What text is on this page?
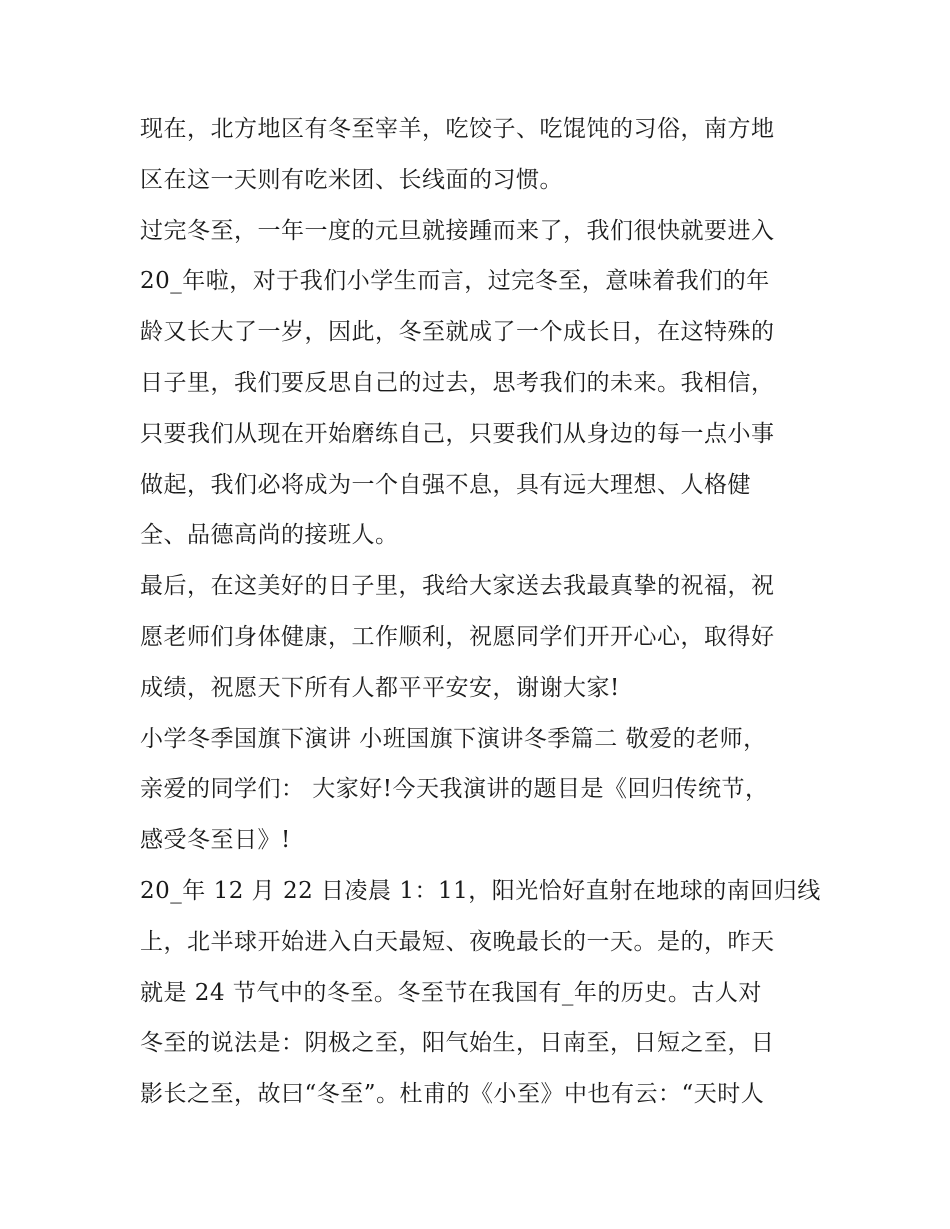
现在，北方地区有冬至宰羊，吃饺子、吃馄饨的习俗，南方地
区在这一天则有吃米团、长线面的习惯。
过完冬至，一年一度的元旦就接踵而来了，我们很快就要进入
20_年啦，对于我们小学生而言，过完冬至，意味着我们的年
龄又长大了一岁，因此，冬至就成了一个成长日，在这特殊的
日子里，我们要反思自己的过去，思考我们的未来。我相信，
只要我们从现在开始磨练自己，只要我们从身边的每一点小事
做起，我们必将成为一个自强不息，具有远大理想、人格健
全、品德高尚的接班人。
最后，在这美好的日子里，我给大家送去我最真挚的祝福，祝
愿老师们身体健康，工作顺利，祝愿同学们开开心心，取得好
成绩，祝愿天下所有人都平平安安，谢谢大家!
小学冬季国旗下演讲 小班国旗下演讲冬季篇二 敬爱的老师，
亲爱的同学们： 大家好!今天我演讲的题目是《回归传统节，
感受冬至日》!
20_年 12 月 22 日凌晨 1：11，阳光恰好直射在地球的南回归线
上，北半球开始进入白天最短、夜晚最长的一天。是的，昨天
就是 24 节气中的冬至。冬至节在我国有_年的历史。古人对
冬至的说法是：阴极之至，阳气始生，日南至，日短之至，日
影长之至，故曰“冬至”。杜甫的《小至》中也有云：“天时人
